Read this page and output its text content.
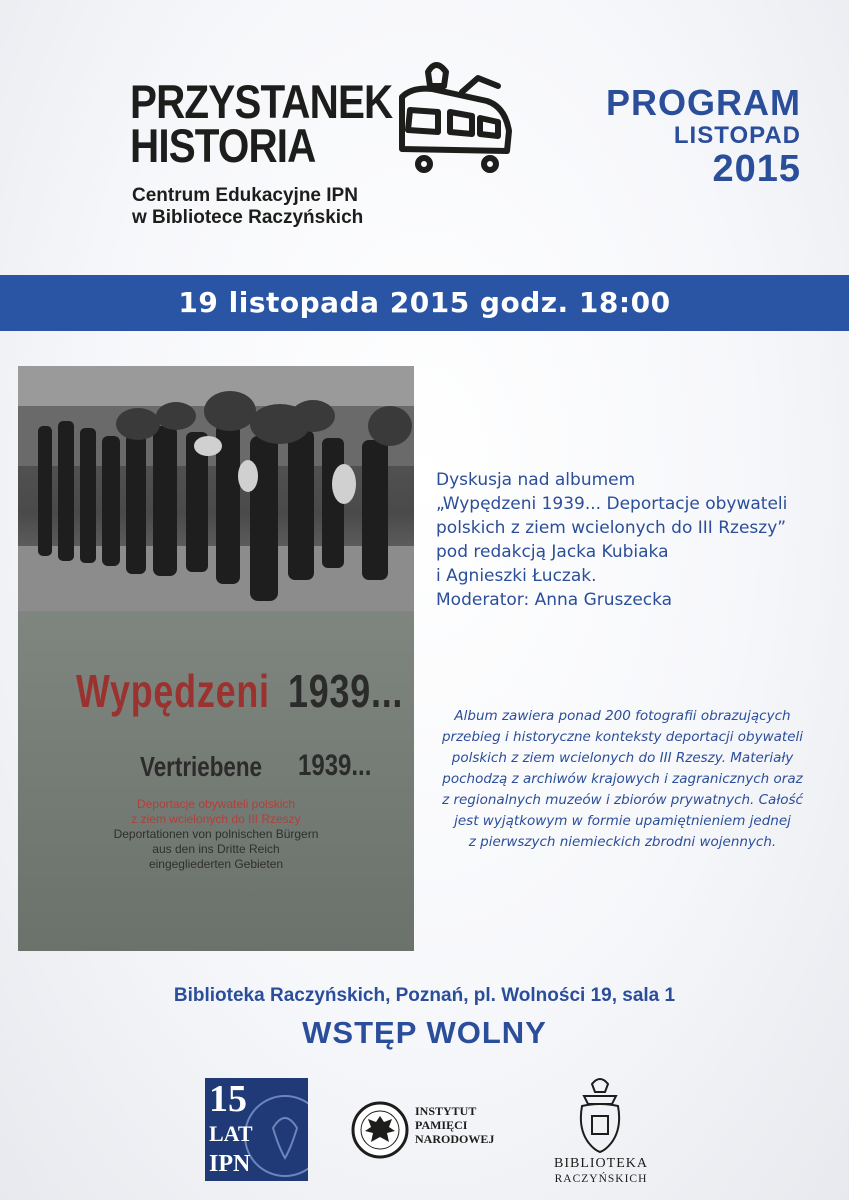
PRZYSTANEK
HISTORIA
Centrum Edukacyjne IPN
w Bibliotece Raczyńskich
PROGRAM
LISTOPAD
2015
19 listopada 2015 godz. 18:00
Wypędzeni 1939...
Vertriebene 1939...
Deportacje obywateli polskich
z ziem wcielonych do III Rzeszy
Deportationen von polnischen Bürgern
aus den ins Dritte Reich
eingegliederten Gebieten
Dyskusja nad albumem
„Wypędzeni 1939... Deportacje obywateli
polskich z ziem wcielonych do III Rzeszy”
pod redakcją Jacka Kubiaka
i Agnieszki Łuczak.
Moderator: Anna Gruszecka
Album zawiera ponad 200 fotografii obrazujących
przebieg i historyczne konteksty deportacji obywateli
polskich z ziem wcielonych do III Rzeszy. Materiały
pochodzą z archiwów krajowych i zagranicznych oraz
z regionalnych muzeów i zbiorów prywatnych. Całość
jest wyjątkowym w formie upamiętnieniem jednej
z pierwszych niemieckich zbrodni wojennych.
Biblioteka Raczyńskich, Poznań, pl. Wolności 19, sala 1
WSTĘP WOLNY
15
LAT
IPN
INSTYTUT
PAMIĘCI
NARODOWEJ
BIBLIOTEKA
RACZYŃSKICH
